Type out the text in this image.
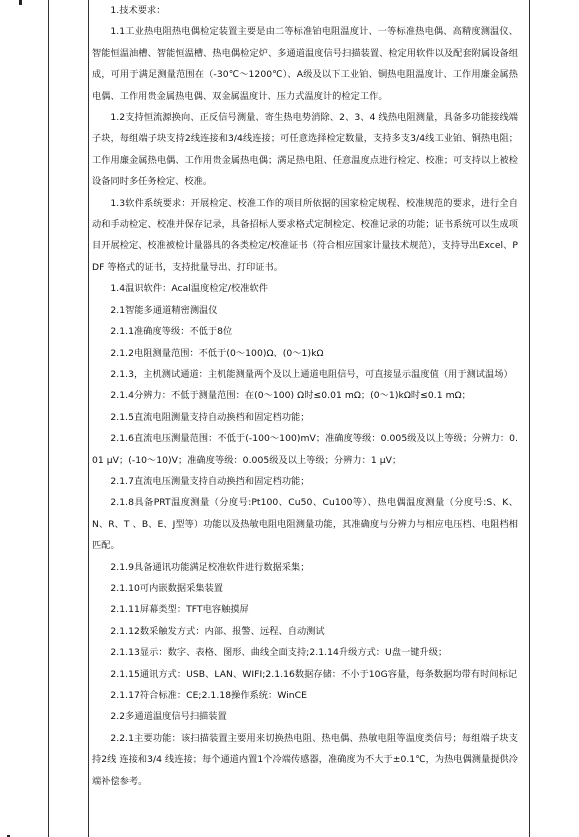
1.技术要求：

1.1工业热电阻热电偶检定装置主要是由二等标准铂电阻温度计、一等标准热电偶、高精度测温仪、智能恒温油槽、智能恒温槽、热电偶检定炉、多通道温度信号扫描装置、检定用软件以及配套附属设备组成，可用于满足测量范围在（-30℃～1200℃）、A级及以下工业铂、铜热电阻温度计、工作用廉金属热电偶、工作用贵金属热电偶、双金属温度计、压力式温度计的检定工作。

1.2支持恒流源换向、正反信号测量、寄生热电势消除、2、3、4 线热电阻测量，具备多功能接线端子块，每组端子块支持2线连接和3/4线连接；可任意选择检定数量，支持多支3/4线工业铂、铜热电阻；工作用廉金属热电偶、工作用贵金属热电偶；满足热电阻、任意温度点进行检定、校准；可支持以上被检设备同时多任务检定、校准。

1.3软件系统要求：开展检定、校准工作的项目所依据的国家检定规程、校准规范的要求，进行全自动和手动检定、校准并保存记录，具备招标人要求格式定制检定、校准记录的功能；证书系统可以生成项目开展检定、校准被检计量器具的各类检定/校准证书（符合相应国家计量技术规范），支持导出Excel、PDF 等格式的证书，支持批量导出、打印证书。

1.4温识软件：Acal温度检定/校准软件

2.1智能多通道精密测温仪

2.1.1准确度等级：不低于8位

2.1.2电阻测量范围：不低于(0～100)Ω、(0～1)kΩ

2.1.3，主机测试通道：主机能测量两个及以上通道电阻信号，可直接显示温度值（用于测试温场）

2.1.4分辨力：不低于测量范围：在(0～100) Ω时≤0.01 mΩ；(0～1)kΩ时≤0.1 mΩ；

2.1.5直流电阻测量支持自动换档和固定档功能；

2.1.6直流电压测量范围：不低于(-100～100)mV；准确度等级：0.005级及以上等级；分辨力：0.01 μV；(-10～10)V；准确度等级：0.005级及以上等级；分辨力：1 μV；

2.1.7直流电压测量支持自动换挡和固定档功能；

2.1.8具备PRT温度测量（分度号:Pt100、Cu50、Cu100等）、热电偶温度测量（分度号:S、K、N、R、T 、B、E、J型等）功能以及热敏电阻电阻测量功能，其准确度与分辨力与相应电压档、电阻档相匹配。

2.1.9具备通讯功能满足校准软件进行数据采集；

2.1.10可内嵌数据采集装置

2.1.11屏幕类型：TFT电容触摸屏

2.1.12数采触发方式：内部、报警、远程、自动测试

2.1.13显示：数字、表格、图形、曲线全面支持;2.1.14升级方式：U盘一键升级；

2.1.15通讯方式：USB、LAN、WIFI;2.1.16数据存储：不小于10G容量，每条数据均带有时间标记

2.1.17符合标准：CE;2.1.18操作系统：WinCE

2.2多通道温度信号扫描装置

2.2.1主要功能：该扫描装置主要用来切换热电阻、热电偶、热敏电阻等温度类信号；每组端子块支持2线 连接和3/4 线连接；每个通道内置1个冷端传感器，准确度为不大于±0.1℃，为热电偶测量提供冷端补偿参考。
